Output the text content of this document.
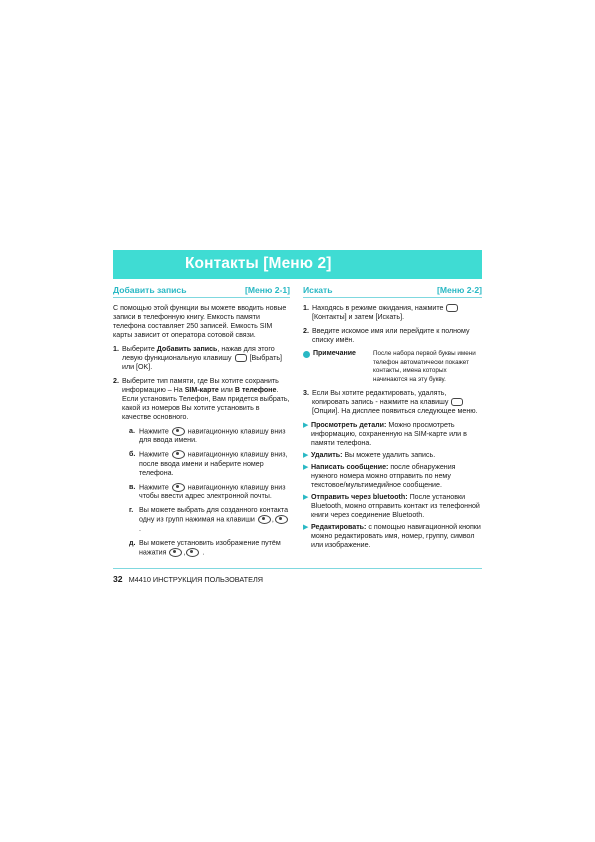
Контакты [Меню 2]
Добавить запись	[Меню 2-1]

С помощью этой функции вы можете вводить новые записи в телефонную книгу. Емкость памяти телефона составляет 250 записей. Емкость SIM карты зависит от оператора сотовой связи.

1. Выберите Добавить запись, нажав для этого левую функциональную клавишу  [Выбрать] или [OK].
2. Выберите тип памяти, где Вы хотите сохранить информацию – На SIM-карте или В телефоне. Если установить Телефон, Вам придется выбрать, какой из номеров Вы хотите установить в качестве основного.
а. Нажмите  навигационную клавишу вниз для ввода имени.
б. Нажмите  навигационную клавишу вниз, после ввода имени и наберите номер телефона.
в. Нажмите  навигационную клавишу вниз чтобы ввести адрес электронной почты.
г. Вы можете выбрать для созданного контакта одну из групп нажимая на клавиши , .
д. Вы можете установить изображение путём нажатия , .
Искать	[Меню 2-2]
1. Находясь в режиме ожидания, нажмите  [Контакты] и затем [Искать].
2. Введите искомое имя или перейдите к полному списку имён.
Примечание	После набора первой буквы имени телефон автоматически покажет контакты, имена которых начинаются на эту букву.
3. Если Вы хотите редактировать, удалять, копировать запись - нажмите на клавишу  [Опции]. На дисплее появиться следующее меню.
▶ Просмотреть детали: Можно просмотреть информацию, сохраненную на SIM-карте или в памяти телефона.
▶ Удалить: Вы можете удалить запись.
▶ Написать сообщение: после обнаружения нужного номера можно отправить по нему текстовое/мультимедийное сообщение.
▶ Отправить через bluetooth: После установки Bluetooth, можно отправить контакт из телефонной книги через соединение Bluetooth.
▶ Редактировать: с помощью навигационной кнопки можно редактировать имя, номер, группу, символ или изображение.
32 M4410 ИНСТРУКЦИЯ ПОЛЬЗОВАТЕЛЯ
